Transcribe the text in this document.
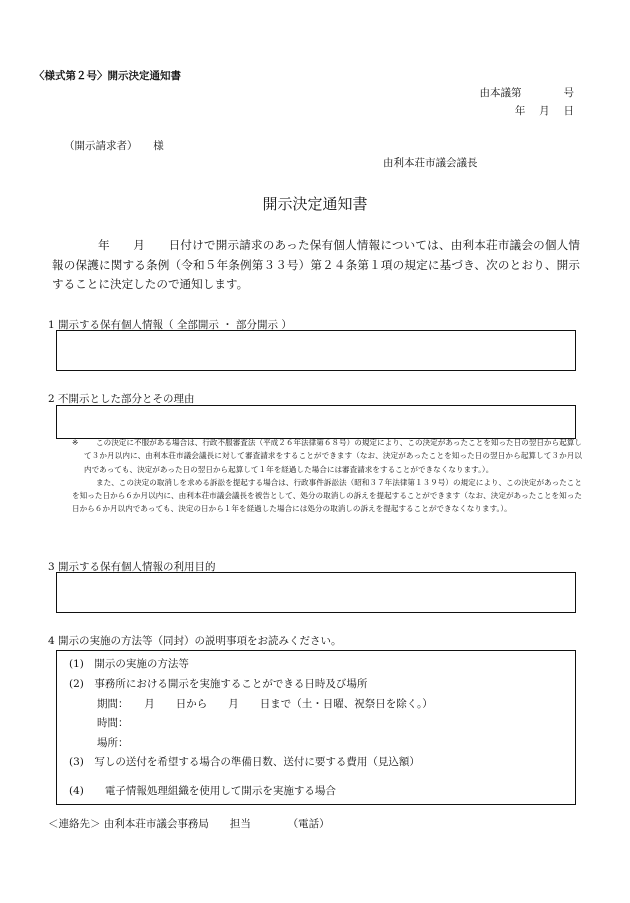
〈様式第２号〉開示決定通知書
由本議第　　　　号
年　 月　 日
（開示請求者）　　様
由利本荘市議会議長
開示決定通知書
年　　月　　日付けで開示請求のあった保有個人情報については、由利本荘市議会の個人情報の保護に関する条例（令和５年条例第３３号）第２４条第１項の規定に基づき、次のとおり、開示することに決定したので通知します。
1 開示する保有個人情報（ 全部開示 ・ 部分開示 ）
2 不開示とした部分とその理由

※ この決定に不服がある場合は、行政不服審査法（平成２６年法律第６８号）の規定により、この決定があったことを知った日の翌日から起算して３か月以内に、由利本荘市議会議長に対して審査請求をすることができます（なお、決定があったことを知った日の翌日から起算して３か月以内であっても、決定があった日の翌日から起算して１年を経過した場合には審査請求をすることができなくなります。）。

また、この決定の取消しを求める訴訟を提起する場合は、行政事件訴訟法（昭和３７年法律第１３９号）の規定により、この決定があったことを知った日から６か月以内に、由利本荘市議会議長を被告として、処分の取消しの訴えを提起することができます（なお、決定があったことを知った日から６か月以内であっても、決定の日から１年を経過した場合には処分の取消しの訴えを提起することができなくなります。）。

3 開示する保有個人情報の利用目的
4 開示の実施の方法等（同封）の説明事項をお読みください。
(1)　開示の実施の方法等
(2)　事務所における開示を実施することができる日時及び場所
期間：　　月　　日から　　月　　日まで（土・日曜、祝祭日を除く。）
時間：
場所：
(3)　写しの送付を希望する場合の準備日数、送付に要する費用（見込額）
(4)　　電子情報処理組織を使用して開示を実施する場合
＜連絡先＞ 由利本荘市議会事務局　　担当　　　　（電話）
